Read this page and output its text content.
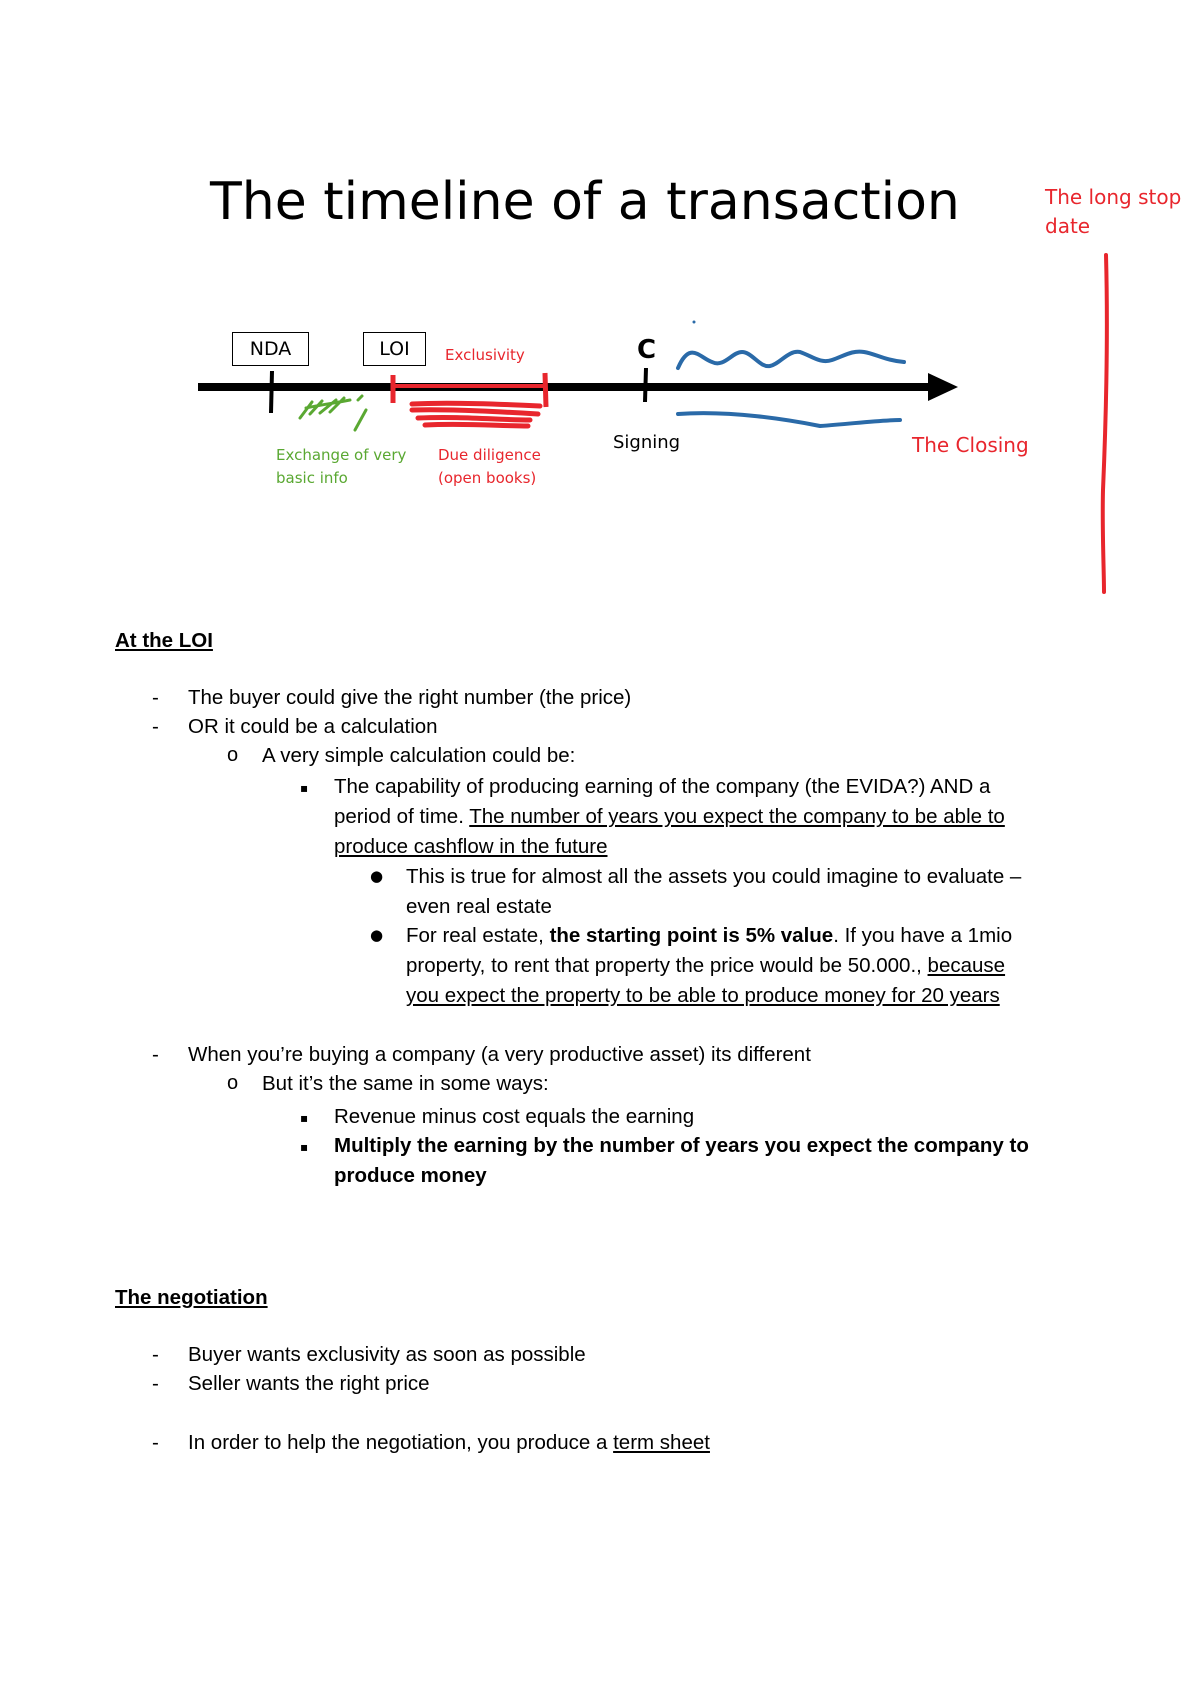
C
The timeline of a transaction	The long stop
date
NDA	LOI	Exclusivity
Exchange of very
basic info
Due diligence
(open books)
Signing	The Closing
At the LOI
- The buyer could give the right number (the price)
- OR it could be a calculation
o A very simple calculation could be:
▪ The capability of producing earning of the company (the EVIDA?) AND a
period of time. The number of years you expect the company to be able to
produce cashflow in the future
● This is true for almost all the assets you could imagine to evaluate –
even real estate
● For real estate, the starting point is 5% value. If you have a 1mio
property, to rent that property the price would be 50.000., because
you expect the property to be able to produce money for 20 years
- When you’re buying a company (a very productive asset) its different
o But it’s the same in some ways:
▪ Revenue minus cost equals the earning
▪ Multiply the earning by the number of years you expect the company to
produce money
The negotiation
- Buyer wants exclusivity as soon as possible
- Seller wants the right price
- In order to help the negotiation, you produce a term sheet
